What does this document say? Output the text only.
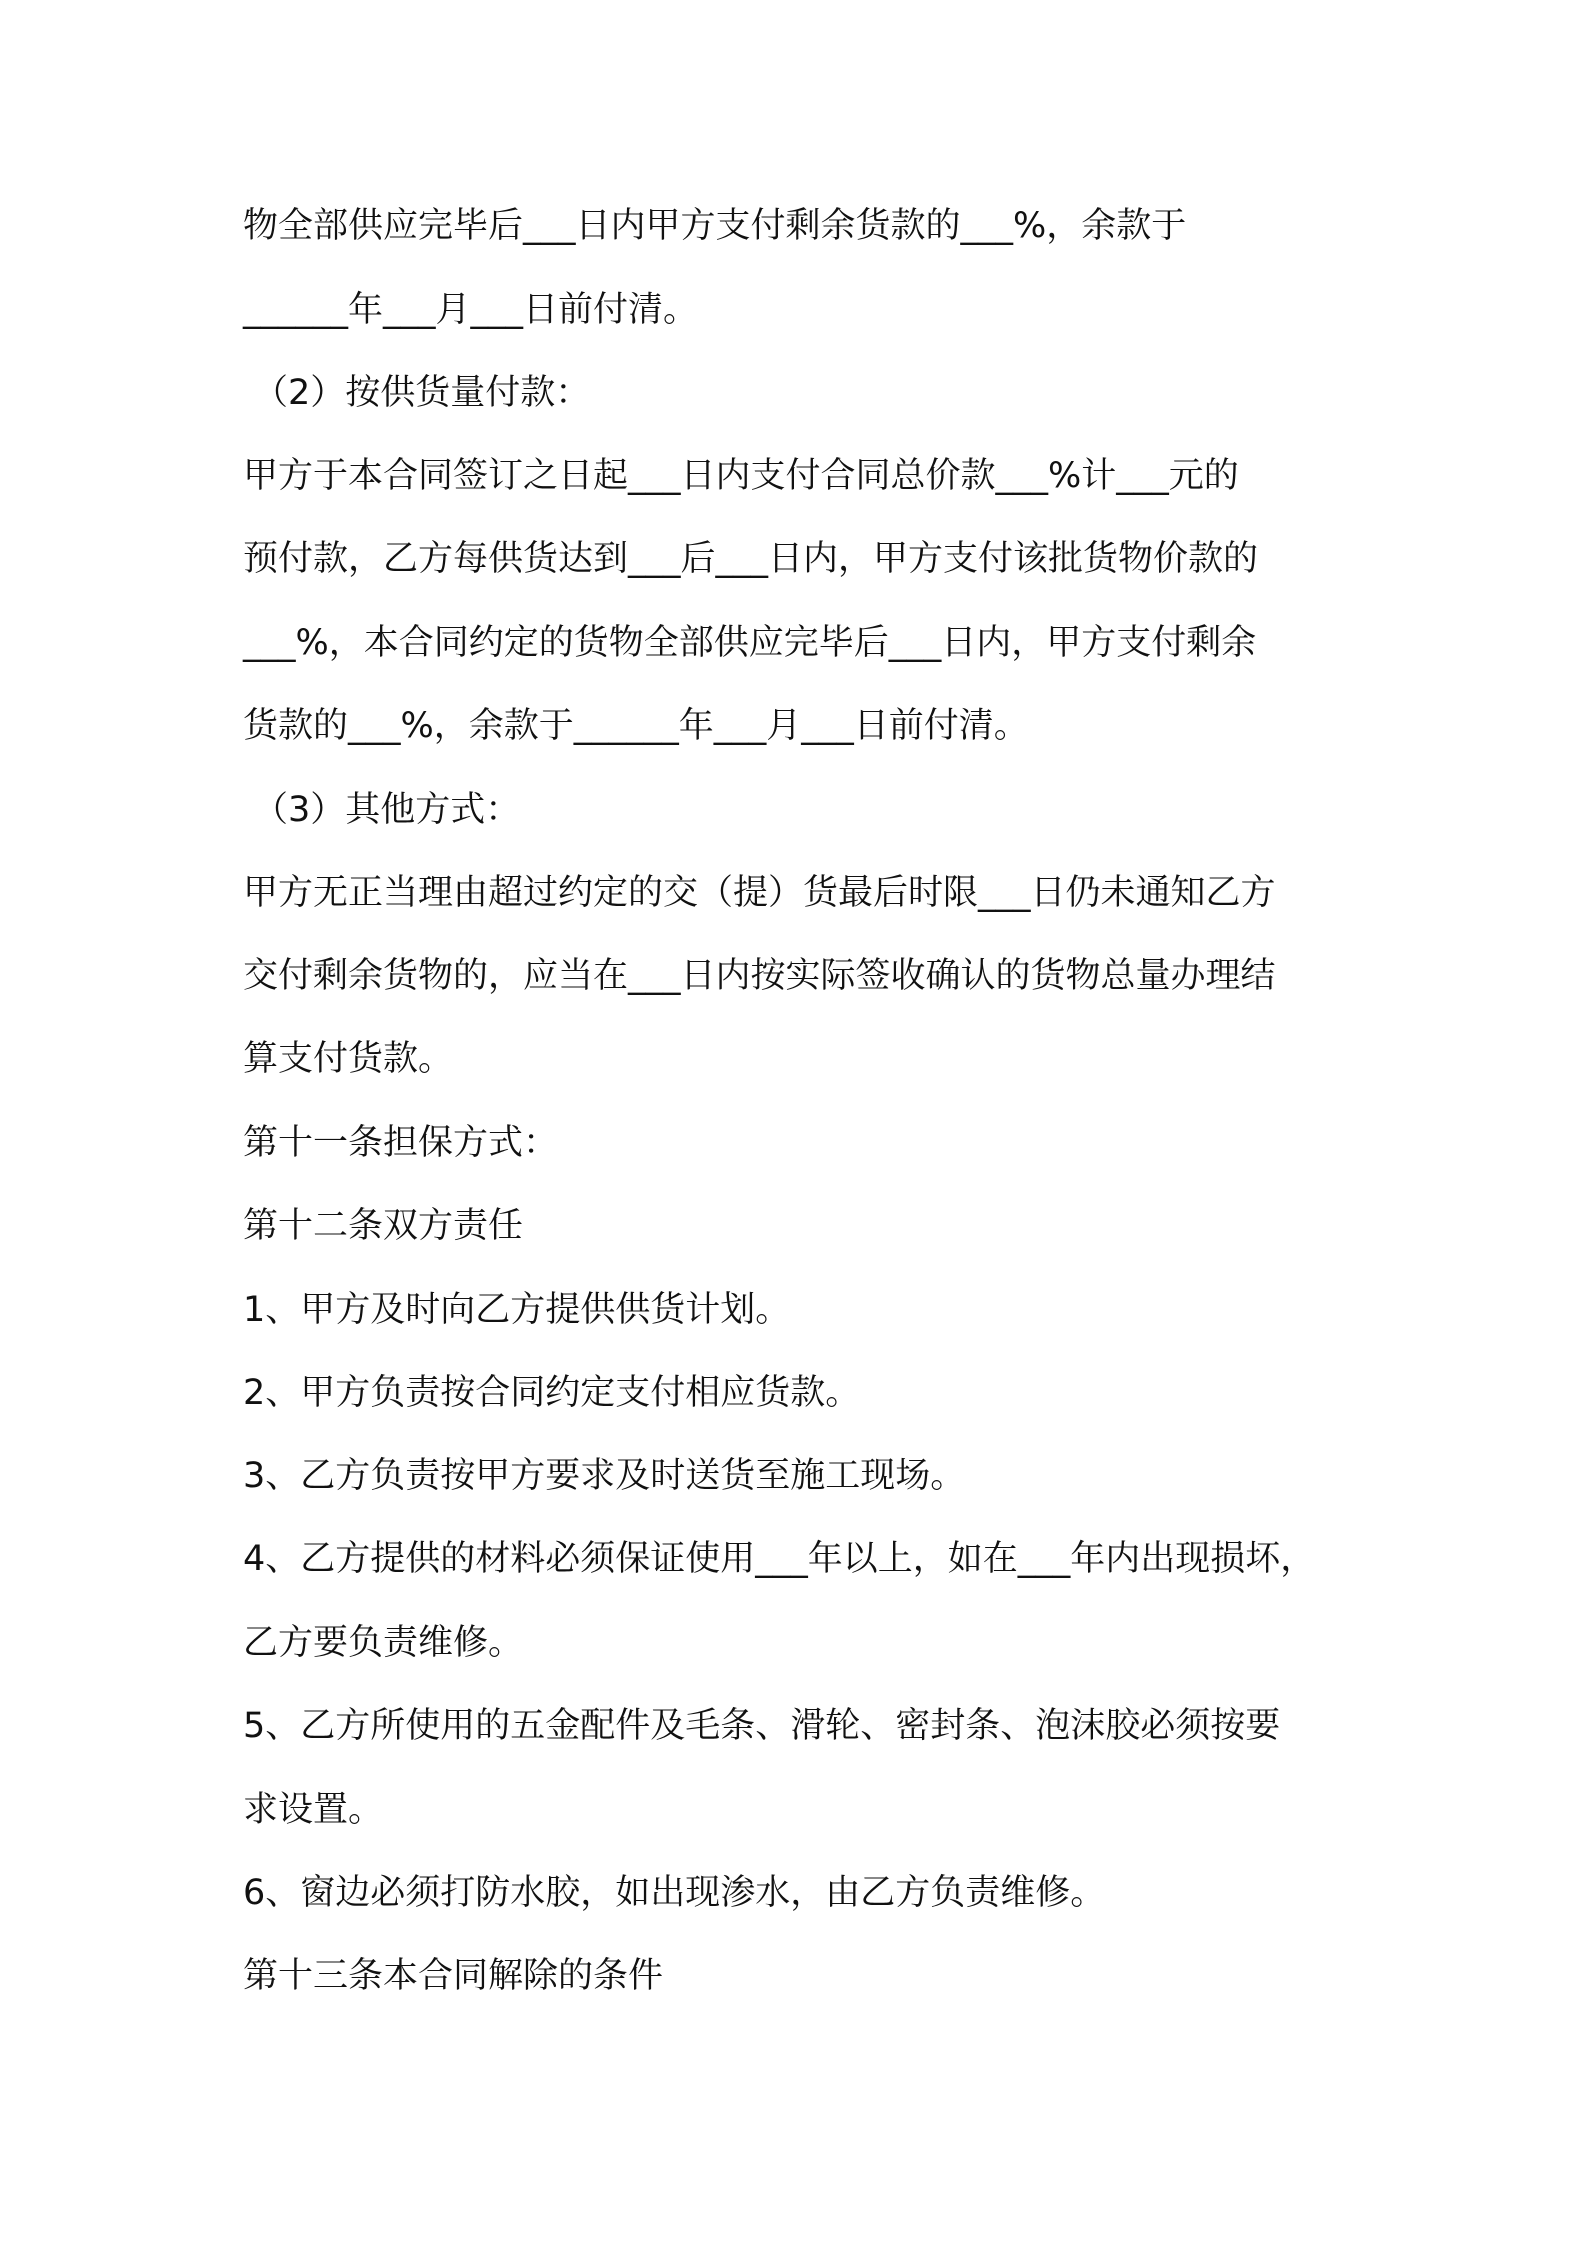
物全部供应完毕后___日内甲方支付剩余货款的___%，余款于
______年___月___日前付清。
（2）按供货量付款：
甲方于本合同签订之日起___日内支付合同总价款___%计___元的
预付款，乙方每供货达到___后___日内，甲方支付该批货物价款的
___%，本合同约定的货物全部供应完毕后___日内，甲方支付剩余
货款的___%，余款于______年___月___日前付清。
（3）其他方式：
甲方无正当理由超过约定的交（提）货最后时限___日仍未通知乙方
交付剩余货物的，应当在___日内按实际签收确认的货物总量办理结
算支付货款。
第十一条担保方式：
第十二条双方责任
1、甲方及时向乙方提供供货计划。
2、甲方负责按合同约定支付相应货款。
3、乙方负责按甲方要求及时送货至施工现场。
4、乙方提供的材料必须保证使用___年以上，如在___年内出现损坏，
乙方要负责维修。
5、乙方所使用的五金配件及毛条、滑轮、密封条、泡沫胶必须按要
求设置。
6、窗边必须打防水胶，如出现渗水，由乙方负责维修。
第十三条本合同解除的条件
